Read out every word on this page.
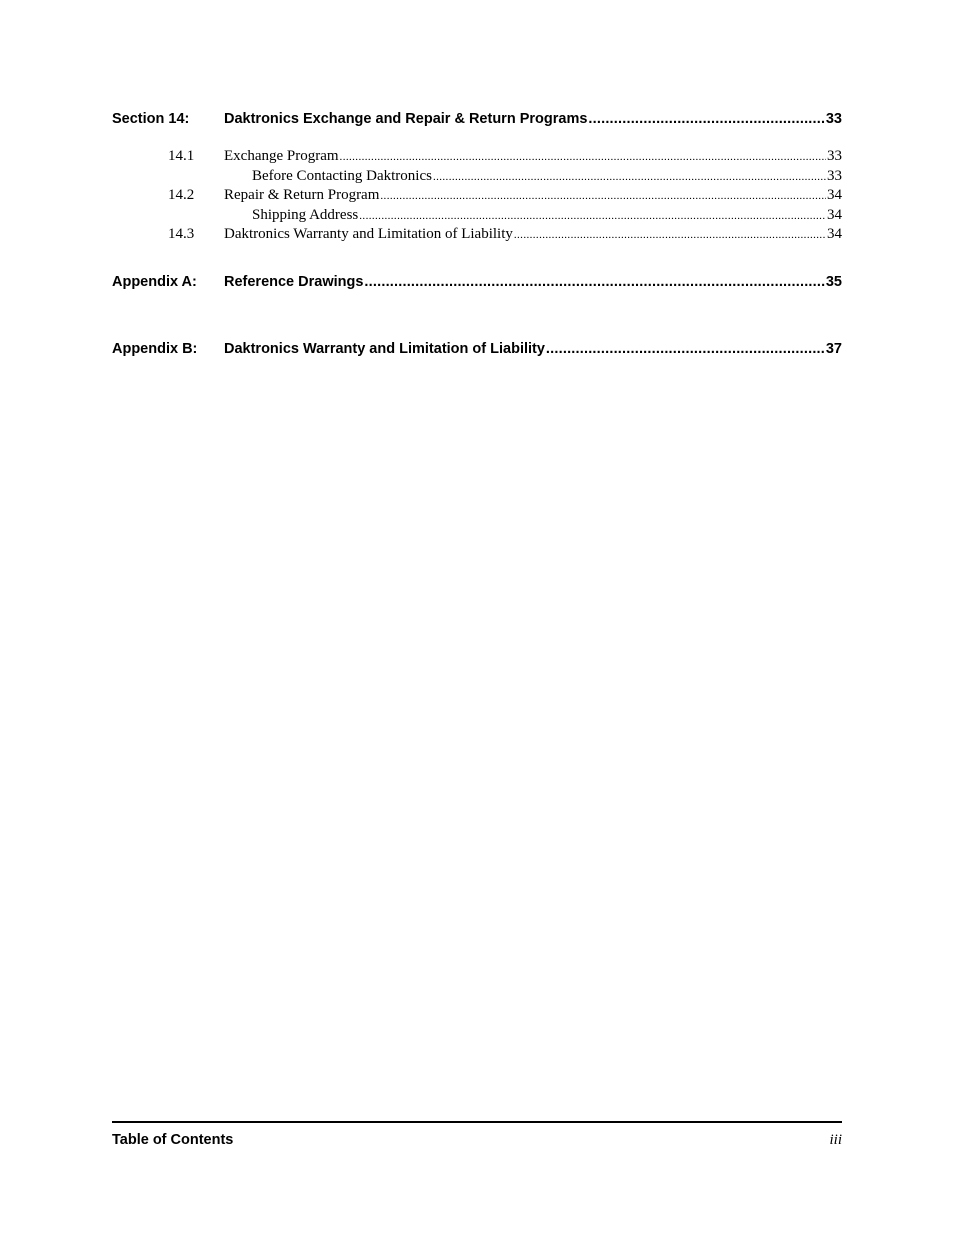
Section 14:	Daktronics Exchange and Repair & Return Programs .....	33
14.1	Exchange Program .....	33
Before Contacting Daktronics .....	33
14.2	Repair & Return Program .....	34
Shipping Address .....	34
14.3	Daktronics Warranty and Limitation of Liability .....	34
Appendix A:	Reference Drawings .....	35
Appendix B:	Daktronics Warranty and Limitation of Liability .....	37
Table of Contents	iii
